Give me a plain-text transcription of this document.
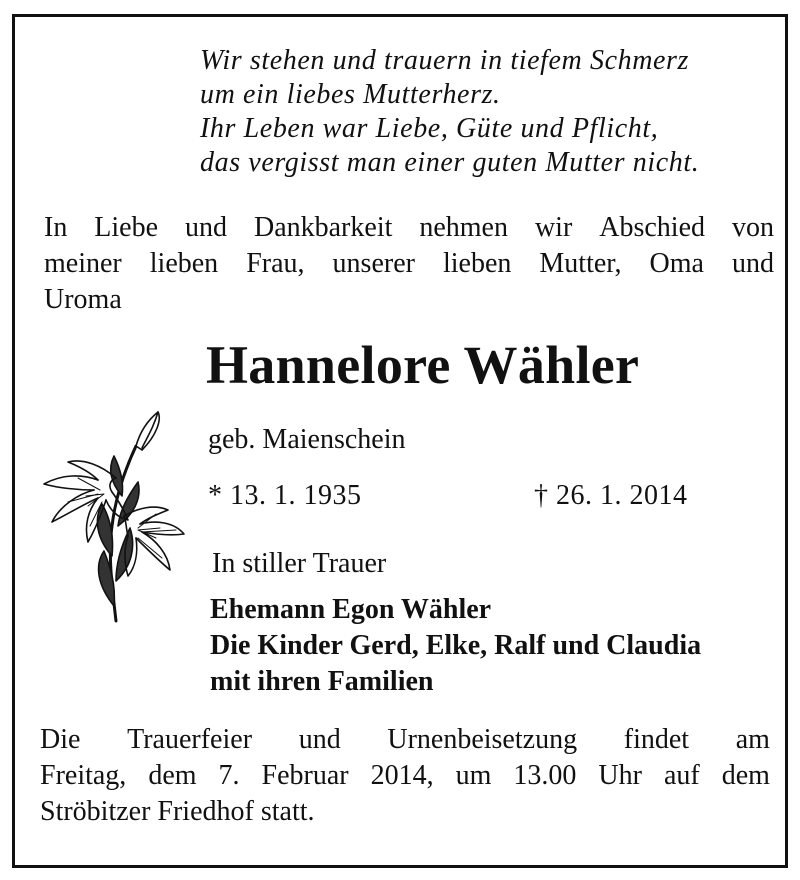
Wir stehen und trauern in tiefem Schmerz
um ein liebes Mutterherz.
Ihr Leben war Liebe, Güte und Pflicht,
das vergisst man einer guten Mutter nicht.
In Liebe und Dankbarkeit nehmen wir Abschied von
meiner lieben Frau, unserer lieben Mutter, Oma und
Uroma
Hannelore Wähler
geb. Maienschein
* 13. 1. 1935	† 26. 1. 2014
In stiller Trauer
Ehemann Egon Wähler
Die Kinder Gerd, Elke, Ralf und Claudia
mit ihren Familien
Die Trauerfeier und Urnenbeisetzung findet am
Freitag, dem 7. Februar 2014, um 13.00 Uhr auf dem
Ströbitzer Friedhof statt.
